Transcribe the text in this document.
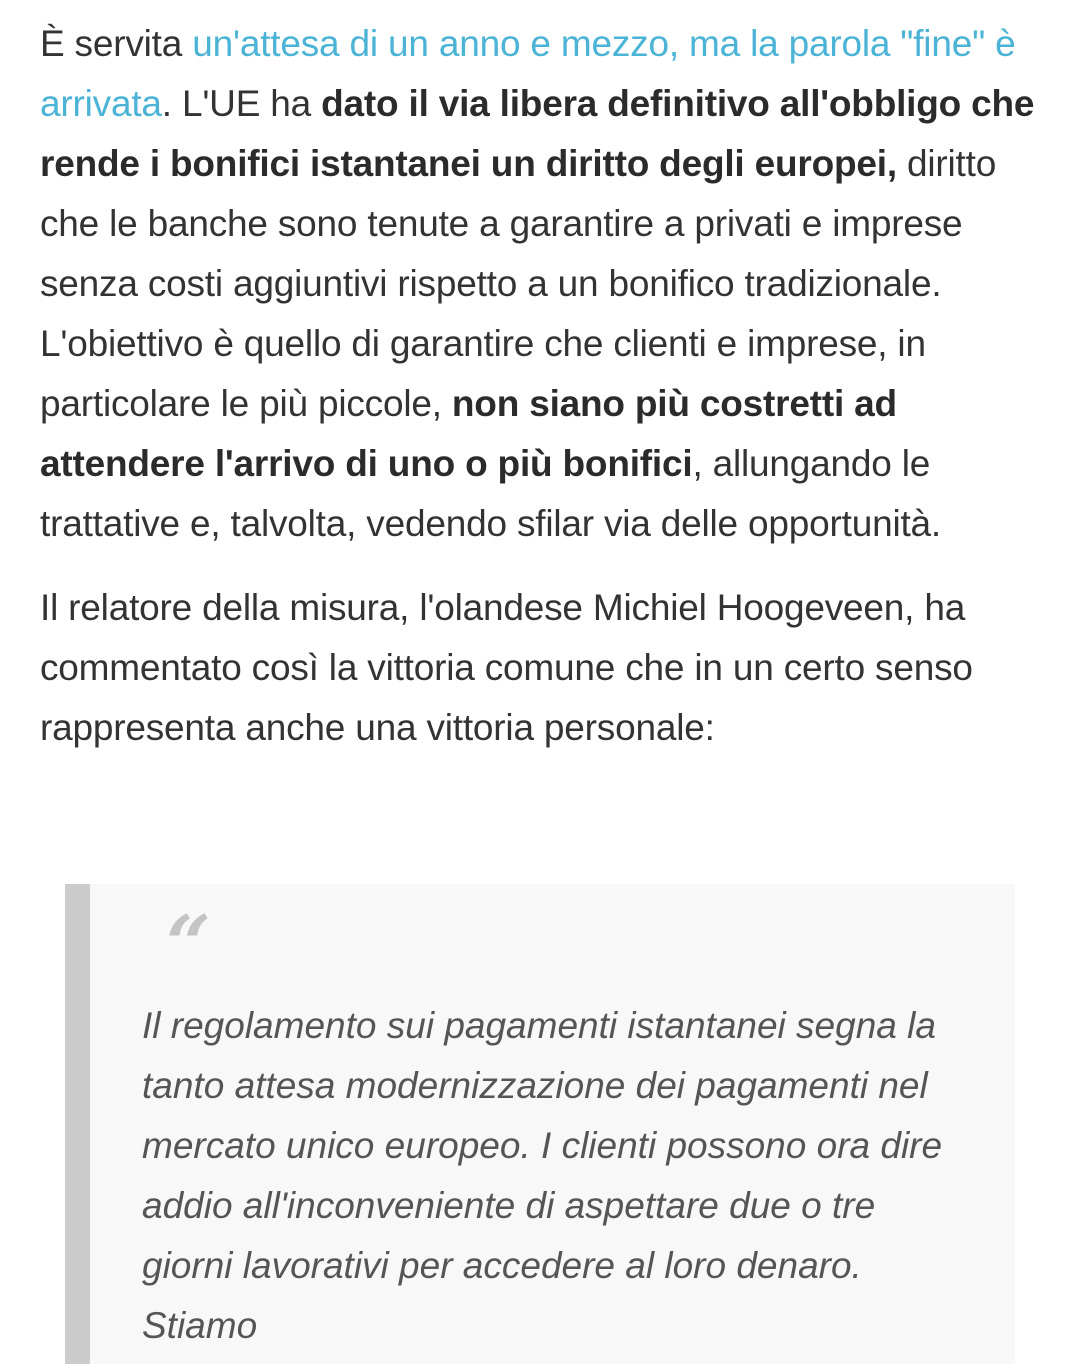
È servita un'attesa di un anno e mezzo, ma la parola "fine" è arrivata. L'UE ha dato il via libera definitivo all'obbligo che rende i bonifici istantanei un diritto degli europei, diritto che le banche sono tenute a garantire a privati e imprese senza costi aggiuntivi rispetto a un bonifico tradizionale. L'obiettivo è quello di garantire che clienti e imprese, in particolare le più piccole, non siano più costretti ad attendere l'arrivo di uno o più bonifici, allungando le trattative e, talvolta, vedendo sfilar via delle opportunità.

Il relatore della misura, l'olandese Michiel Hoogeveen, ha commentato così la vittoria comune che in un certo senso rappresenta anche una vittoria personale:

“

Il regolamento sui pagamenti istantanei segna la tanto attesa modernizzazione dei pagamenti nel mercato unico europeo. I clienti possono ora dire addio all'inconveniente di aspettare due o tre giorni lavorativi per accedere al loro denaro. Stiamo
